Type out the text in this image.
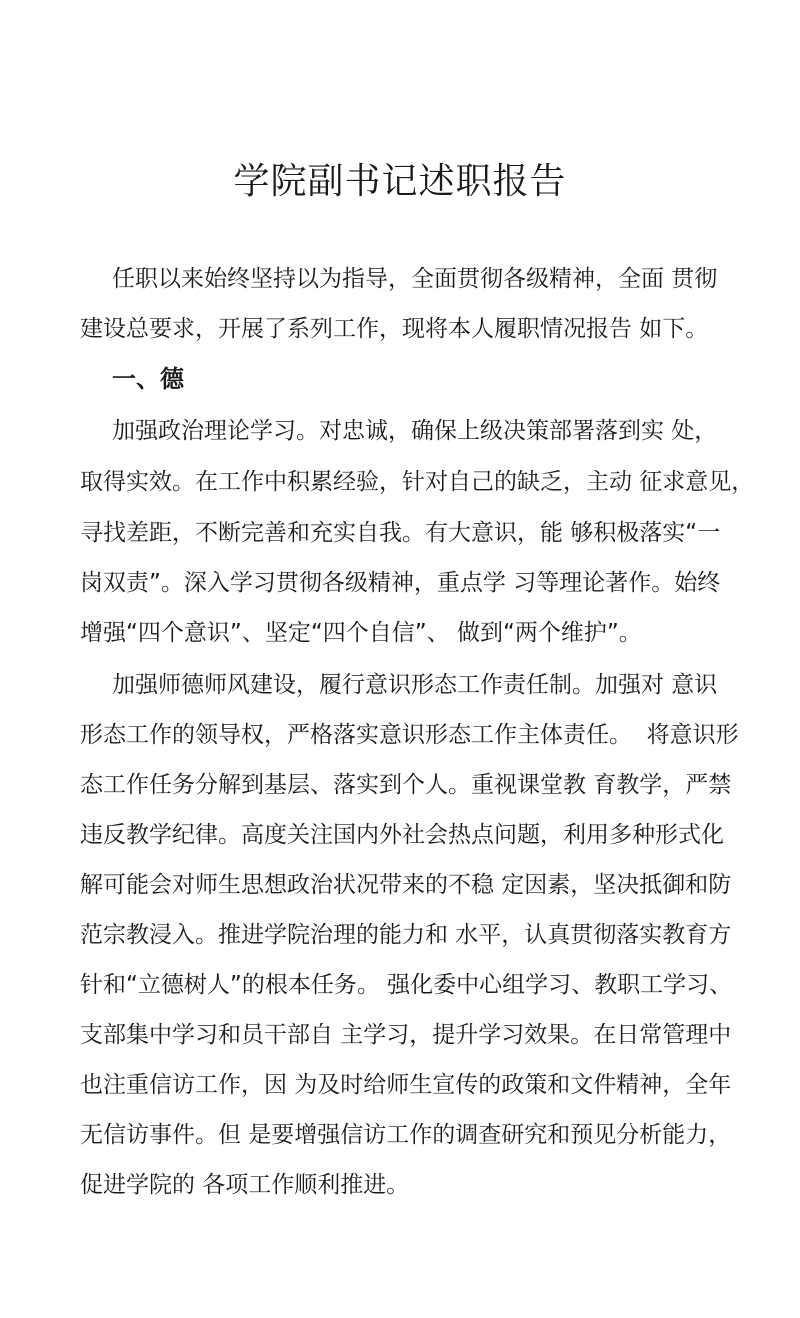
学院副书记述职报告
任职以来始终坚持以为指导，全面贯彻各级精神，全面 贯彻
建设总要求，开展了系列工作，现将本人履职情况报告 如下。
一、德
加强政治理论学习。对忠诚，确保上级决策部署落到实 处，
取得实效。在工作中积累经验，针对自己的缺乏，主动 征求意见，
寻找差距，不断完善和充实自我。有大意识，能 够积极落实“一
岗双责”。深入学习贯彻各级精神，重点学 习等理论著作。始终
增强“四个意识”、坚定“四个自信”、 做到“两个维护”。
加强师德师风建设，履行意识形态工作责任制。加强对 意识
形态工作的领导权，严格落实意识形态工作主体责任。  将意识形
态工作任务分解到基层、落实到个人。重视课堂教 育教学，严禁
违反教学纪律。高度关注国内外社会热点问题，利用多种形式化
解可能会对师生思想政治状况带来的不稳 定因素，坚决抵御和防
范宗教浸入。推进学院治理的能力和 水平，认真贯彻落实教育方
针和“立德树人”的根本任务。 强化委中心组学习、教职工学习、
支部集中学习和员干部自 主学习，提升学习效果。在日常管理中
也注重信访工作，因 为及时给师生宣传的政策和文件精神，全年
无信访事件。但 是要增强信访工作的调查研究和预见分析能力，
促进学院的 各项工作顺利推进。
